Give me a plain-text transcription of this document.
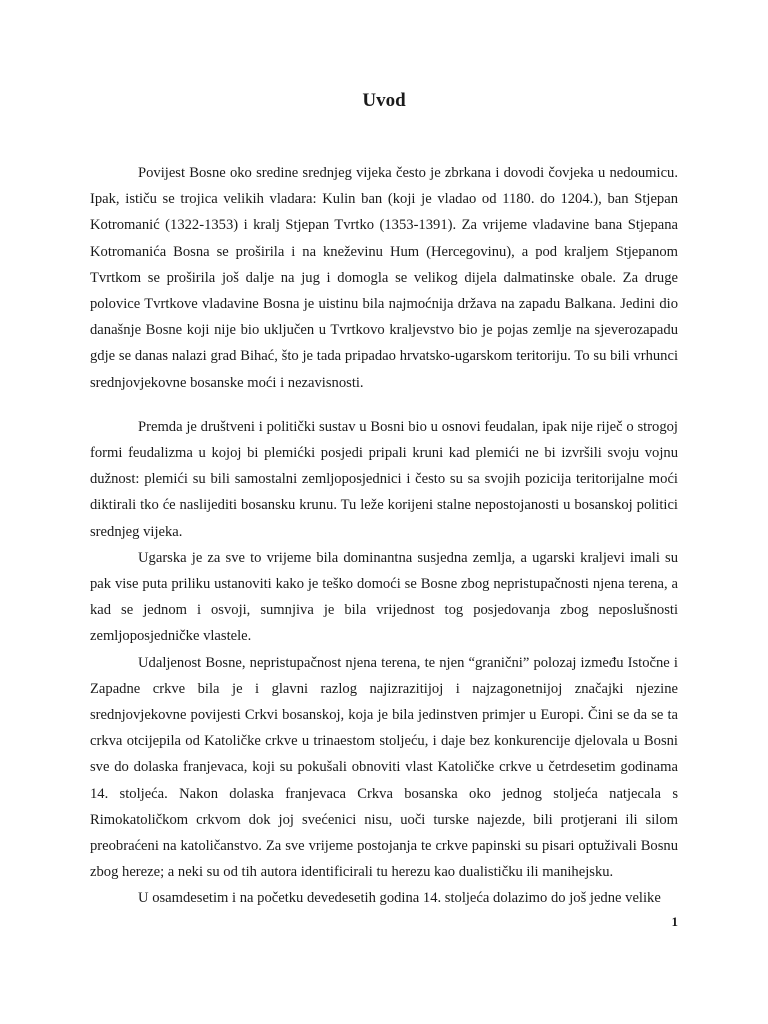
Uvod

Povijest Bosne oko sredine srednjeg vijeka često je zbrkana i dovodi čovjeka u nedoumicu. Ipak, ističu se trojica velikih vladara: Kulin ban (koji je vladao od 1180. do 1204.), ban Stjepan Kotromanić (1322-1353) i kralj Stjepan Tvrtko (1353-1391). Za vrijeme vladavine bana Stjepana Kotromanića Bosna se proširila i na kneževinu Hum (Hercegovinu), a pod kraljem Stjepanom Tvrtkom se proširila još dalje na jug i domogla se velikog dijela dalmatinske obale. Za druge polovice Tvrtkove vladavine Bosna je uistinu bila najmoćnija država na zapadu Balkana. Jedini dio današnje Bosne koji nije bio uključen u Tvrtkovo kraljevstvo bio je pojas zemlje na sjeverozapadu gdje se danas nalazi grad Bihać, što je tada pripadao hrvatsko-ugarskom teritoriju. To su bili vrhunci srednjovjekovne bosanske moći i nezavisnosti.

Premda je društveni i politički sustav u Bosni bio u osnovi feudalan, ipak nije riječ o strogoj formi feudalizma u kojoj bi plemićki posjedi pripali kruni kad plemići ne bi izvršili svoju vojnu dužnost: plemići su bili samostalni zemljoposjednici i često su sa svojih pozicija teritorijalne moći diktirali tko će naslijediti bosansku krunu. Tu leže korijeni stalne nepostojanosti u bosanskoj politici srednjeg vijeka.

Ugarska je za sve to vrijeme bila dominantna susjedna zemlja, a ugarski kraljevi imali su pak vise puta priliku ustanoviti kako je teško domoći se Bosne zbog nepristupačnosti njena terena, a kad se jednom i osvoji, sumnjiva je bila vrijednost tog posjedovanja zbog neposlušnosti zemljoposjedničke vlastele.

Udaljenost Bosne, nepristupačnost njena terena, te njen “granični” polozaj između Istočne i Zapadne crkve bila je i glavni razlog najizrazitijoj i najzagonetnijoj značajki njezine srednjovjekovne povijesti Crkvi bosanskoj, koja je bila jedinstven primjer u Europi. Čini se da se ta crkva otcijepila od Katoličke crkve u trinaestom stoljeću, i daje bez konkurencije djelovala u Bosni sve do dolaska franjevaca, koji su pokušali obnoviti vlast Katoličke crkve u četrdesetim godinama 14. stoljeća. Nakon dolaska franjevaca Crkva bosanska oko jednog stoljeća natjecala s Rimokatoličkom crkvom dok joj svećenici nisu, uoči turske najezde, bili protjerani ili silom preobraćeni na katoličanstvo. Za sve vrijeme postojanja te crkve papinski su pisari optuživali Bosnu zbog hereze; a neki su od tih autora identificirali tu herezu kao dualističku ili manihejsku.

U osamdesetim i na početku devedesetih godina 14. stoljeća dolazimo do još jedne velike

1
